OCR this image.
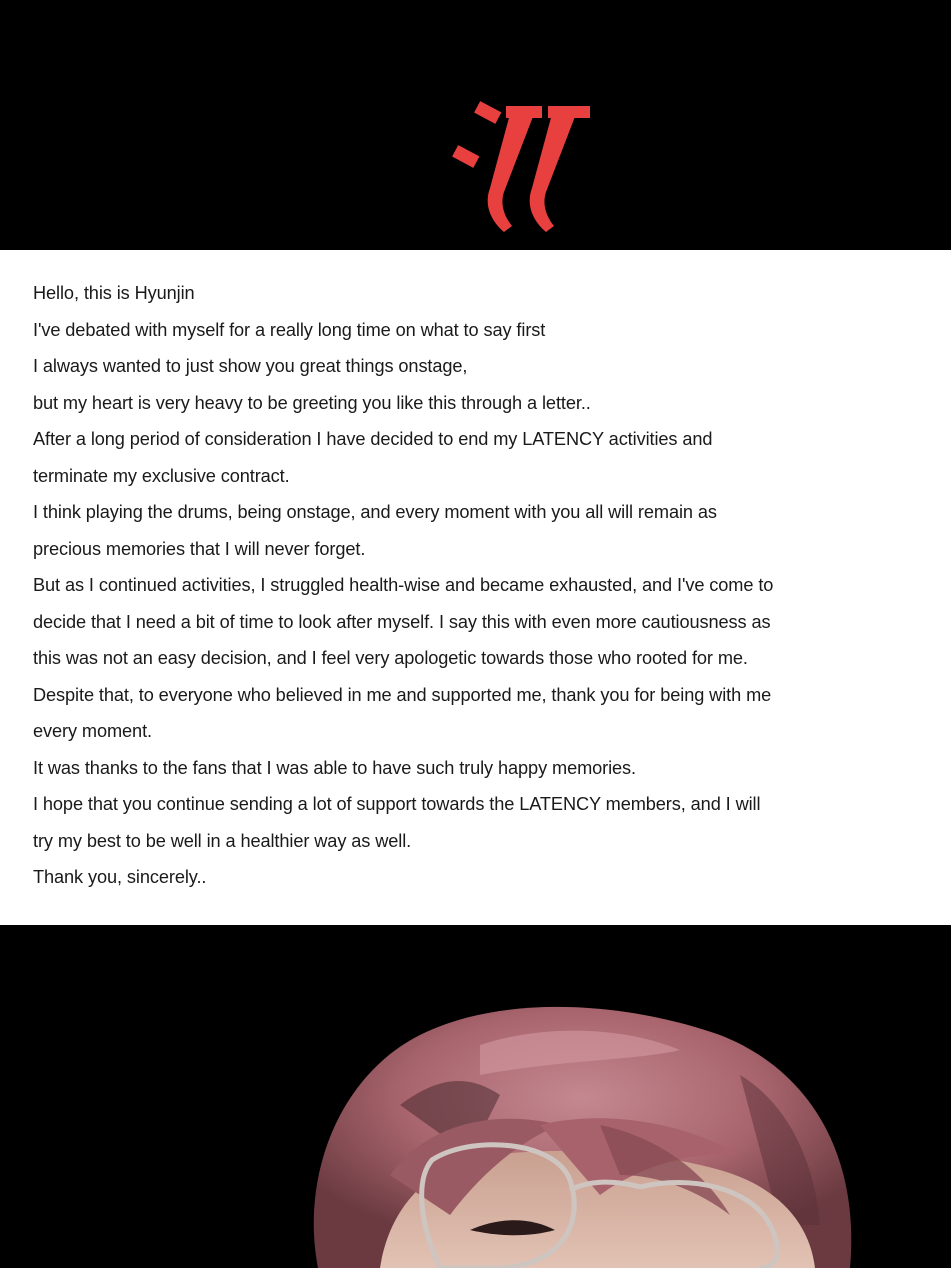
Hello, this is Hyunjin
I've debated with myself for a really long time on what to say first
I always wanted to just show you great things onstage,
but my heart is very heavy to be greeting you like this through a letter..
After a long period of consideration I have decided to end my LATENCY activities and
terminate my exclusive contract.
I think playing the drums, being onstage, and every moment with you all will remain as
precious memories that I will never forget.
But as I continued activities, I struggled health-wise and became exhausted, and I've come to
decide that I need a bit of time to look after myself. I say this with even more cautiousness as
this was not an easy decision, and I feel very apologetic towards those who rooted for me.
Despite that, to everyone who believed in me and supported me, thank you for being with me
every moment.
It was thanks to the fans that I was able to have such truly happy memories.
I hope that you continue sending a lot of support towards the LATENCY members, and I will
try my best to be well in a healthier way as well.
Thank you, sincerely..
